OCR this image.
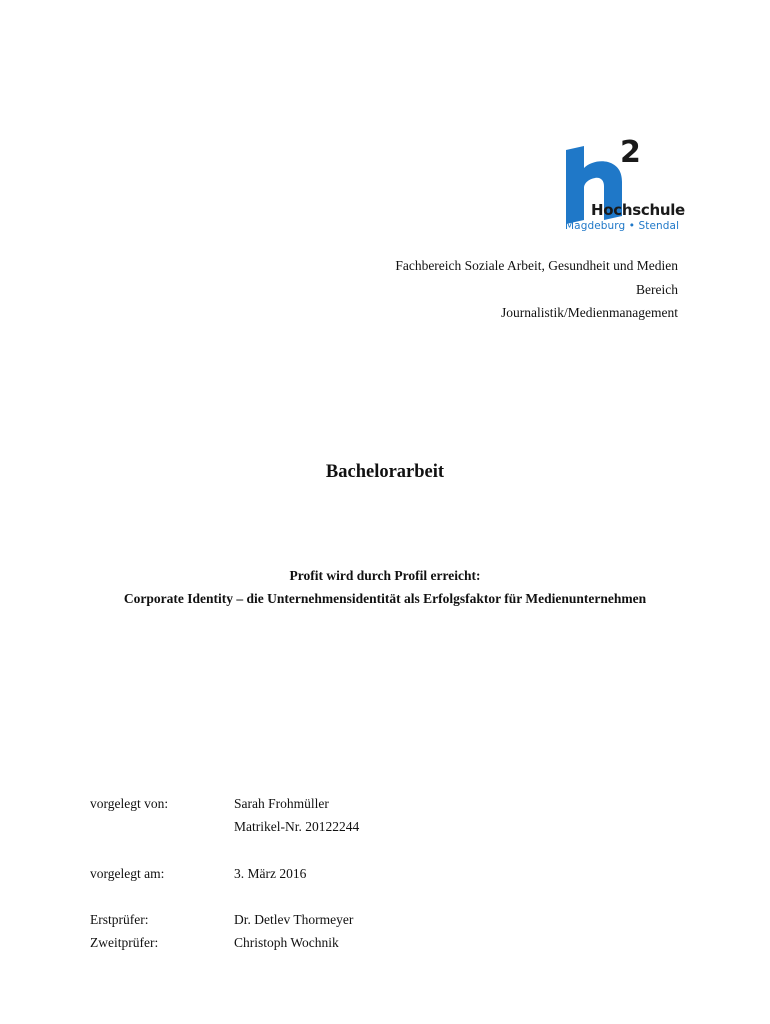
2
Hochschule
Magdeburg • Stendal
Fachbereich Soziale Arbeit, Gesundheit und Medien
Bereich
Journalistik/Medienmanagement
Bachelorarbeit
Profit wird durch Profil erreicht:
Corporate Identity – die Unternehmensidentität als Erfolgsfaktor für Medienunternehmen
vorgelegt von:	Sarah Frohmüller
Matrikel-Nr. 20122244
vorgelegt am:	3. März 2016
Erstprüfer:	Dr. Detlev Thormeyer
Zweitprüfer:	Christoph Wochnik
